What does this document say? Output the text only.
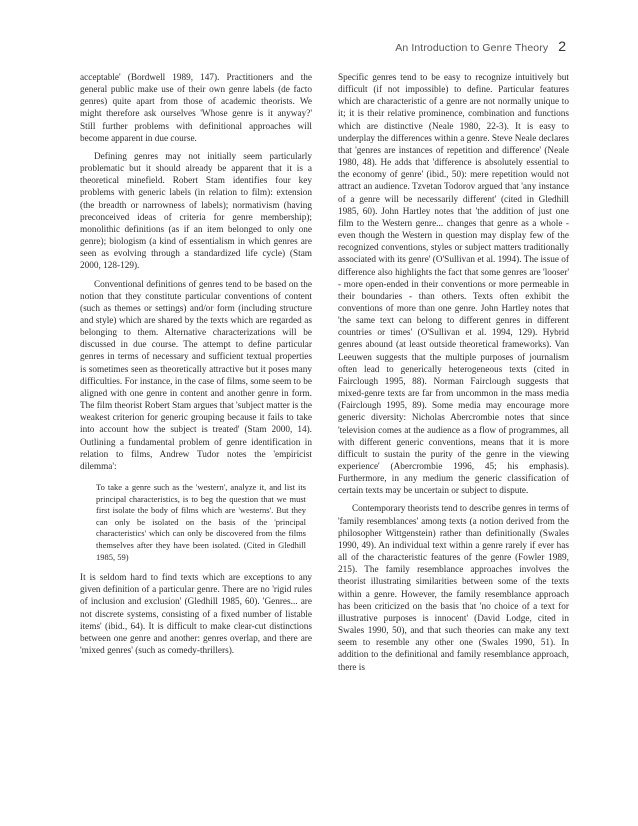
An Introduction to Genre Theory 2

acceptable' (Bordwell 1989, 147). Practitioners and the general public make use of their own genre labels (de facto genres) quite apart from those of academic theorists. We might therefore ask ourselves 'Whose genre is it anyway?' Still further problems with definitional approaches will become apparent in due course.

Defining genres may not initially seem particularly problematic but it should already be apparent that it is a theoretical minefield. Robert Stam identifies four key problems with generic labels (in relation to film): extension (the breadth or narrowness of labels); normativism (having preconceived ideas of criteria for genre membership); monolithic definitions (as if an item belonged to only one genre); biologism (a kind of essentialism in which genres are seen as evolving through a standardized life cycle) (Stam 2000, 128-129).

Conventional definitions of genres tend to be based on the notion that they constitute particular conventions of content (such as themes or settings) and/or form (including structure and style) which are shared by the texts which are regarded as belonging to them. Alternative characterizations will be discussed in due course. The attempt to define particular genres in terms of necessary and sufficient textual properties is sometimes seen as theoretically attractive but it poses many difficulties. For instance, in the case of films, some seem to be aligned with one genre in content and another genre in form. The film theorist Robert Stam argues that 'subject matter is the weakest criterion for generic grouping because it fails to take into account how the subject is treated' (Stam 2000, 14). Outlining a fundamental problem of genre identification in relation to films, Andrew Tudor notes the 'empiricist dilemma':

To take a genre such as the 'western', analyze it, and list its principal characteristics, is to beg the question that we must first isolate the body of films which are 'westerns'. But they can only be isolated on the basis of the 'principal characteristics' which can only be discovered from the films themselves after they have been isolated. (Cited in Gledhill 1985, 59)

It is seldom hard to find texts which are exceptions to any given definition of a particular genre. There are no 'rigid rules of inclusion and exclusion' (Gledhill 1985, 60). 'Genres... are not discrete systems, consisting of a fixed number of listable items' (ibid., 64). It is difficult to make clear-cut distinctions between one genre and another: genres overlap, and there are 'mixed genres' (such as comedy-thrillers).

Specific genres tend to be easy to recognize intuitively but difficult (if not impossible) to define. Particular features which are characteristic of a genre are not normally unique to it; it is their relative prominence, combination and functions which are distinctive (Neale 1980, 22-3). It is easy to underplay the differences within a genre. Steve Neale declares that 'genres are instances of repetition and difference' (Neale 1980, 48). He adds that 'difference is absolutely essential to the economy of genre' (ibid., 50): mere repetition would not attract an audience. Tzvetan Todorov argued that 'any instance of a genre will be necessarily different' (cited in Gledhill 1985, 60). John Hartley notes that 'the addition of just one film to the Western genre... changes that genre as a whole - even though the Western in question may display few of the recognized conventions, styles or subject matters traditionally associated with its genre' (O'Sullivan et al. 1994). The issue of difference also highlights the fact that some genres are 'looser' - more open-ended in their conventions or more permeable in their boundaries - than others. Texts often exhibit the conventions of more than one genre. John Hartley notes that 'the same text can belong to different genres in different countries or times' (O'Sullivan et al. 1994, 129). Hybrid genres abound (at least outside theoretical frameworks). Van Leeuwen suggests that the multiple purposes of journalism often lead to generically heterogeneous texts (cited in Fairclough 1995, 88). Norman Fairclough suggests that mixed-genre texts are far from uncommon in the mass media (Fairclough 1995, 89). Some media may encourage more generic diversity: Nicholas Abercrombie notes that since 'television comes at the audience as a flow of programmes, all with different generic conventions, means that it is more difficult to sustain the purity of the genre in the viewing experience' (Abercrombie 1996, 45; his emphasis). Furthermore, in any medium the generic classification of certain texts may be uncertain or subject to dispute.

Contemporary theorists tend to describe genres in terms of 'family resemblances' among texts (a notion derived from the philosopher Wittgenstein) rather than definitionally (Swales 1990, 49). An individual text within a genre rarely if ever has all of the characteristic features of the genre (Fowler 1989, 215). The family resemblance approaches involves the theorist illustrating similarities between some of the texts within a genre. However, the family resemblance approach has been criticized on the basis that 'no choice of a text for illustrative purposes is innocent' (David Lodge, cited in Swales 1990, 50), and that such theories can make any text seem to resemble any other one (Swales 1990, 51). In addition to the definitional and family resemblance approach, there is
